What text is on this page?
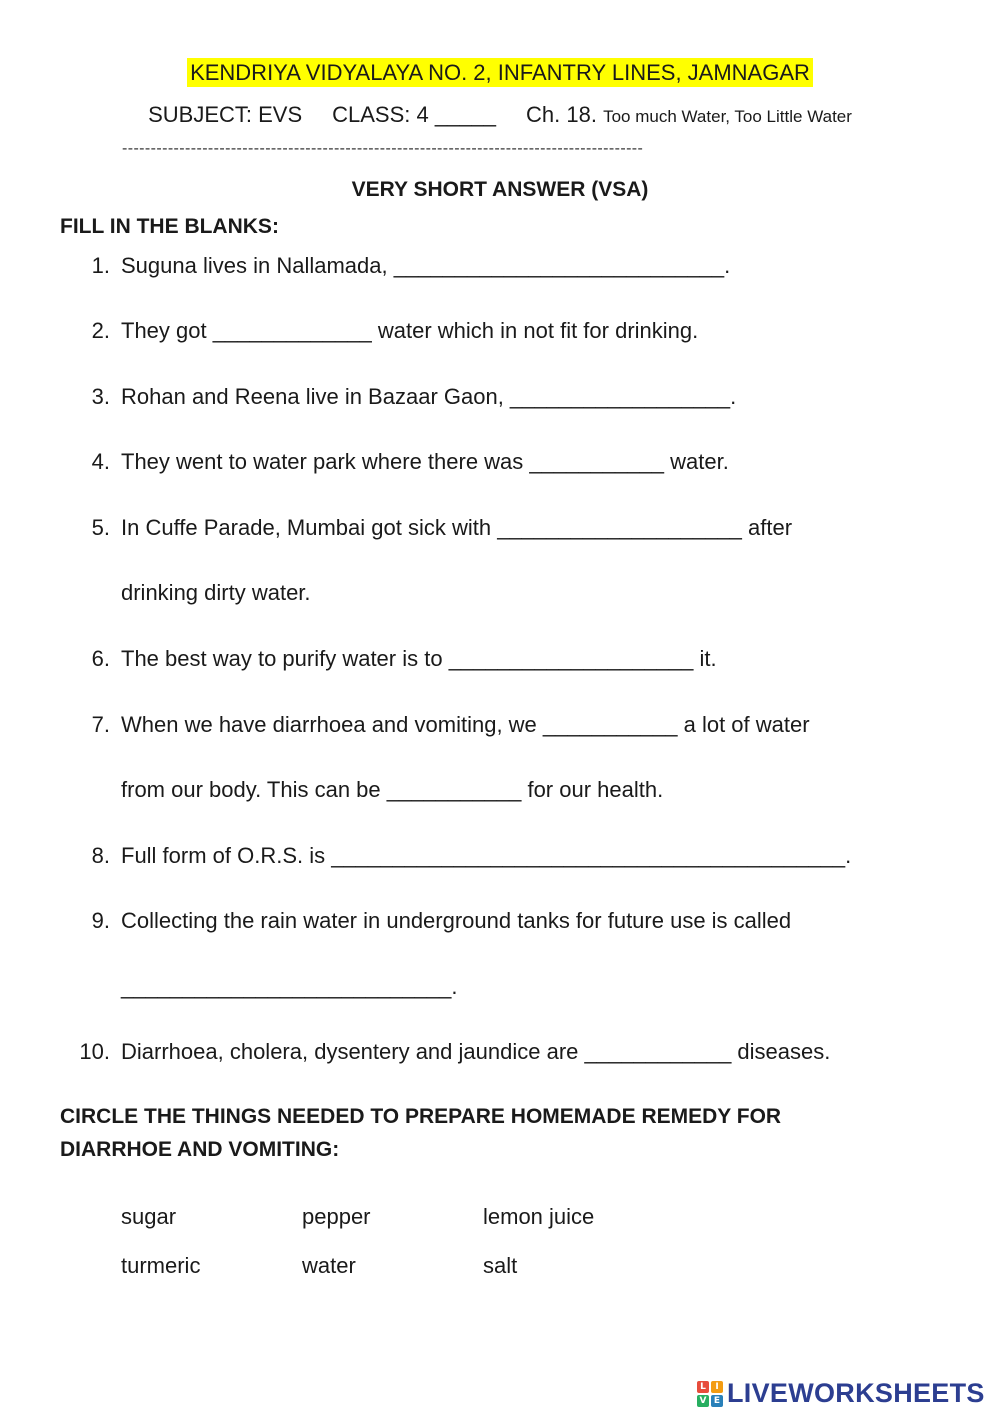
KENDRIYA VIDYALAYA NO. 2, INFANTRY LINES, JAMNAGAR
SUBJECT: EVS CLASS: 4 _____ Ch. 18. Too much Water, Too Little Water
-------------------------------------------------------------------------------------------
VERY SHORT ANSWER (VSA)
FILL IN THE BLANKS:
1. Suguna lives in Nallamada, ___________________________.
2. They got _____________ water which in not fit for drinking.
3. Rohan and Reena live in Bazaar Gaon, __________________.
4. They went to water park where there was ___________ water.
5. In Cuffe Parade, Mumbai got sick with ____________________ after
drinking dirty water.
6. The best way to purify water is to ____________________ it.
7. When we have diarrhoea and vomiting, we ___________ a lot of water
from our body. This can be ___________ for our health.
8. Full form of O.R.S. is __________________________________________.
9. Collecting the rain water in underground tanks for future use is called
___________________________.
10. Diarrhoea, cholera, dysentery and jaundice are ____________ diseases.
CIRCLE THE THINGS NEEDED TO PREPARE HOMEMADE REMEDY FOR
DIARRHOE AND VOMITING:
sugar	pepper	lemon juice
turmeric	water	salt
L	I
V E LIVEWORKSHEETS
